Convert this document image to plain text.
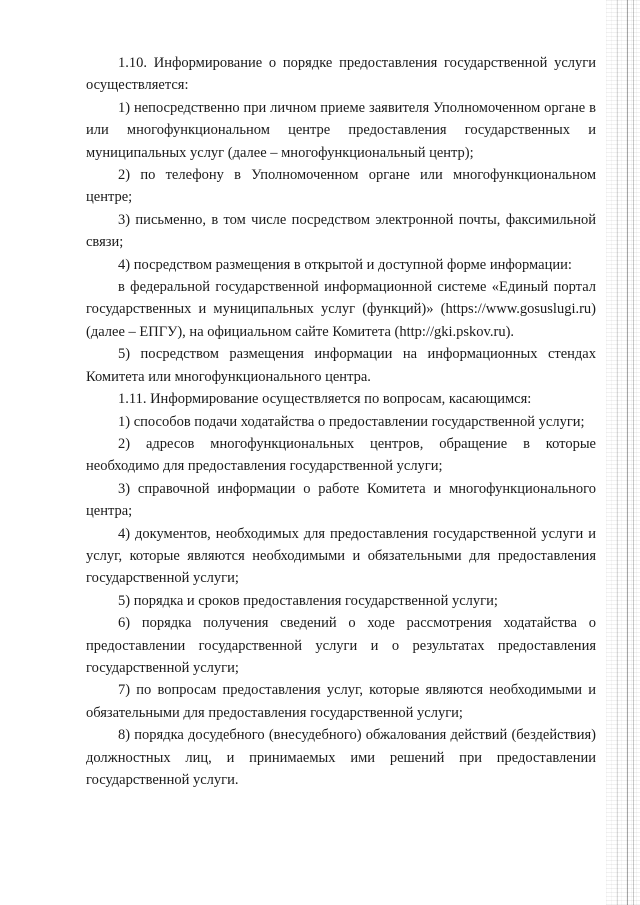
1.10. Информирование о порядке предоставления государственной услуги осуществляется:

1) непосредственно при личном приеме заявителя Уполномоченном органе в или многофункциональном центре предоставления государственных и муниципальных услуг (далее – многофункциональный центр);

2) по телефону в Уполномоченном органе или многофункциональном центре;

3) письменно, в том числе посредством электронной почты, факсимильной связи;

4) посредством размещения в открытой и доступной форме информации:

в федеральной государственной информационной системе «Единый портал государственных и муниципальных услуг (функций)» (https://www.gosuslugi.ru) (далее – ЕПГУ), на официальном сайте Комитета (http://gki.pskov.ru).

5) посредством размещения информации на информационных стендах Комитета или многофункционального центра.

1.11. Информирование осуществляется по вопросам, касающимся:

1) способов подачи ходатайства о предоставлении государственной услуги;

2) адресов многофункциональных центров, обращение в которые необходимо для предоставления государственной услуги;

3) справочной информации о работе Комитета и многофункционального центра;

4) документов, необходимых для предоставления государственной услуги и услуг, которые являются необходимыми и обязательными для предоставления государственной услуги;

5) порядка и сроков предоставления государственной услуги;

6) порядка получения сведений о ходе рассмотрения ходатайства о предоставлении государственной услуги и о результатах предоставления государственной услуги;

7) по вопросам предоставления услуг, которые являются необходимыми и обязательными для предоставления государственной услуги;

8) порядка досудебного (внесудебного) обжалования действий (бездействия) должностных лиц, и принимаемых ими решений при предоставлении государственной услуги.
